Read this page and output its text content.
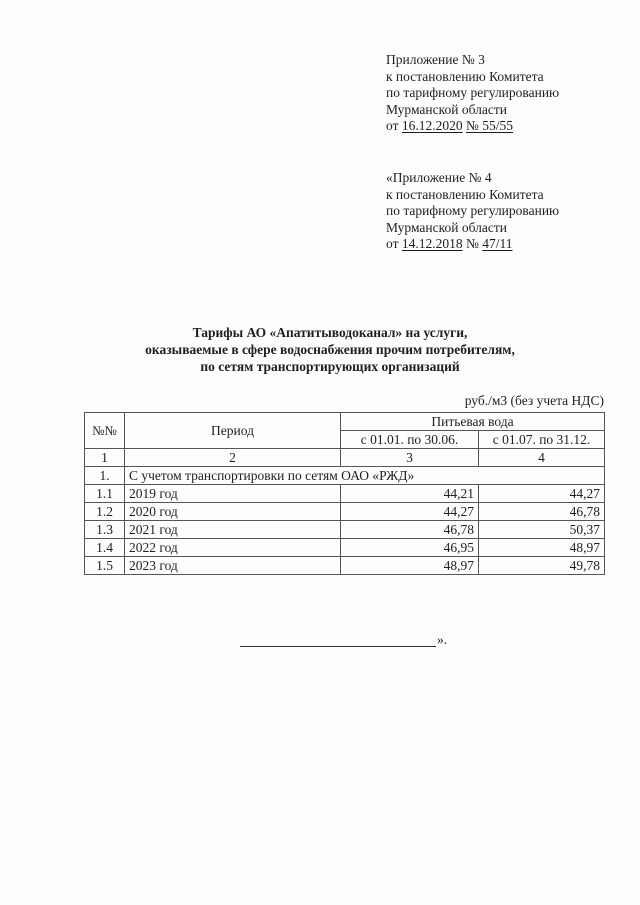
Приложение № 3
к постановлению Комитета
по тарифному регулированию
Мурманской области
от 16.12.2020 № 55/55
«Приложение № 4
к постановлению Комитета
по тарифному регулированию
Мурманской области
от 14.12.2018 № 47/11
Тарифы АО «Апатитыводоканал» на услуги,
оказываемые в сфере водоснабжения прочим потребителям,
по сетям транспортирующих организаций
руб./м3 (без учета НДС)
№№	Период	Питьевая вода	
		с 01.01. по 30.06.	с 01.07. по 31.12.
1	2	3	4
1.	С учетом транспортировки по сетям ОАО «РЖД»		
1.1	2019 год	44,21	44,27
1.2	2020 год	44,27	46,78
1.3	2021 год	46,78	50,37
1.4	2022 год	46,95	48,97
1.5	2023 год	48,97	49,78
».
